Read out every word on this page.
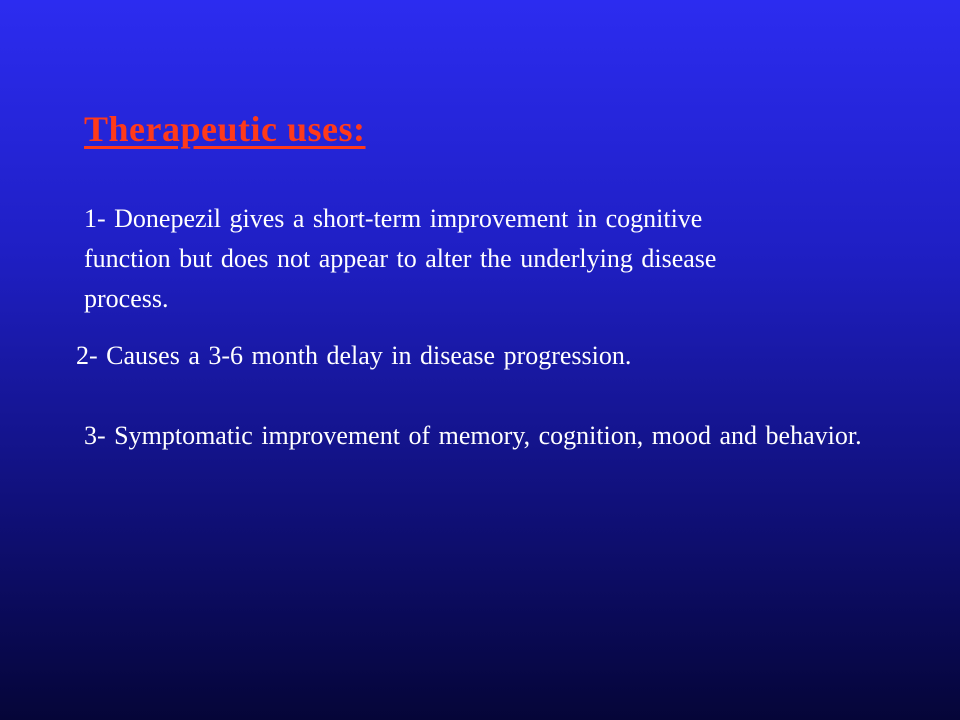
Therapeutic uses:

1- Donepezil gives a short-term improvement in cognitive function but does not appear to alter the underlying disease process.

2- Causes a 3-6 month delay in disease progression.

3- Symptomatic improvement of memory, cognition, mood and behavior.
